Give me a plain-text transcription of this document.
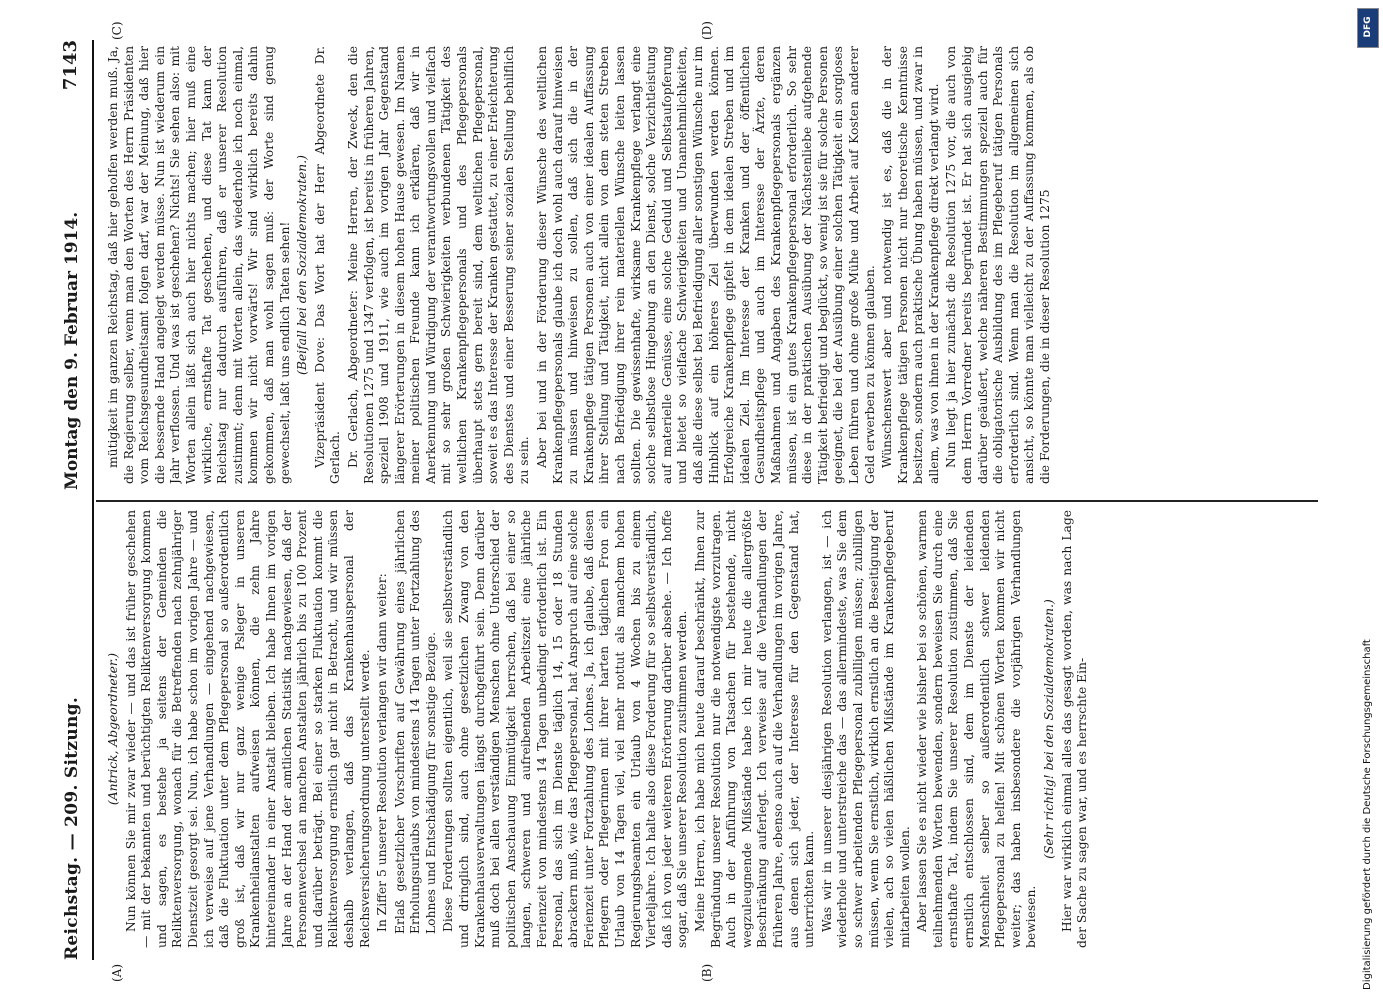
Reichstag. — 209. Sitzung.
Montag den 9. Februar 1914.
7143
(A)	(B)
(C)	(D)

(Antrick, Abgeordneter.) Nun können Sie mir zwar wieder — und das ist früher geschehen — mit der bekannten und berüchtigten Reliktenversorgung kommen und sagen, es bestehe ja seitens der Gemeinden die Reliktenversorgung, wonach für die Betreffenden nach zehnjähriger Dienstzeit gesorgt sei. Nun, ich habe schon im vorigen Jahre — und ich verweise auf jene Verhandlungen — eingehend nachgewiesen, daß die Fluktuation unter dem Pflegepersonal so außerordentlich groß ist, daß wir nur ganz wenige Psleger in unseren Krankenheilanstalten aufweisen können, die zehn Jahre hintereinander in einer Anstalt bleiben. Ich habe Ihnen im vorigen Jahre an der Hand der amtlichen Statistik nachgewiesen, daß der Personenwechsel an manchen Anstalten jährlich bis zu 100 Prozent und darüber beträgt. Bei einer so starken Fluktuation kommt die Reliktenversorgung ernstlich gar nicht in Betracht, und wir müssen deshalb verlangen, daß das Krankenhauspersonal der Reichsversicherungsordnung unterstellt werde. In Ziffer 5 unserer Resolution verlangen wir dann weiter: Erlaß gesetzlicher Vorschriften auf Gewährung eines jährlichen Erholungsurlaubs von mindestens 14 Tagen unter Fortzahlung des Lohnes und Entschädigung für sonstige Bezüge. Diese Forderungen sollten eigentlich, weil sie selbstverständlich und dringlich sind, auch ohne gesetzlichen Zwang von den Krankenhausverwaltungen längst durchgeführt sein. Denn darüber muß doch bei allen verständigen Menschen ohne Unterschied der politischen Anschauung Einmütigkeit herrschen, daß bei einer so langen, schweren und aufreibenden Arbeitszeit eine jährliche Ferienzeit von mindestens 14 Tagen unbedingt erforderlich ist. Ein Personal, das sich im Dienste täglich 14, 15 oder 18 Stunden abrackern muß, wie das Pflegepersonal, hat Anspruch auf eine solche Ferienzeit unter Fortzahlung des Lohnes. Ja, ich glaube, daß diesen Pflegern oder Pflegerinnen mit ihrer harten täglichen Fron ein Urlaub von 14 Tagen viel, viel mehr nottut als manchem hohen Regierungsbeamten ein Urlaub von 4 Wochen bis zu einem Vierteljahre. Ich halte also diese Forderung für so selbstverständlich, daß ich von jeder weiteren Erörterung darüber absehe. — Ich hoffe sogar, daß Sie unserer Resolution zustimmen werden. Meine Herren, ich habe mich heute darauf beschränkt, Ihnen zur Begründung unserer Resolution nur die notwendigste vorzutragen. Auch in der Anführung von Tatsachen für bestehende, nicht wegzuleugnende Mißstände habe ich mir heute die allergrößte Beschränkung auferlegt. Ich verweise auf die Verhandlungen der früheren Jahre, ebenso auch auf die Verhandlungen im vorigen Jahre, aus denen sich jeder, der Interesse für den Gegenstand hat, unterrichten kann. Was wir in unserer diesjährigen Resolution verlangen, ist — ich wiederhole und unterstreiche das — das allermindeste, was Sie dem so schwer arbeitenden Pflegepersonal zubilligen müssen; zubilligen müssen, wenn Sie ernstlich, wirklich ernstlich an die Beseitigung der vielen, ach so vielen häßlichen Mißstände im Krankenpflegeberuf mitarbeiten wollen. Aber lassen Sie es nicht wieder wie bisher bei so schönen, warmen teilnehmenden Worten bewenden, sondern beweisen Sie durch eine ernsthafte Tat, indem Sie unserer Resolution zustimmen, daß Sie ernstlich entschlossen sind, dem im Dienste der leidenden Menschheit selber so außerordentlich schwer leidenden Pflegepersonal zu helfen! Mit schönen Worten kommen wir nicht weiter; das haben insbesondere die vorjährigen Verhandlungen bewiesen.

(Sehr richtig! bei den Sozialdemokraten.) Hier war wirklich einmal alles das gesagt worden, was nach Lage der Sache zu sagen war, und es herrschte Ein-

mütigkeit im ganzen Reichstag, daß hier geholfen werden muß. Ja, die Regierung selber, wenn man den Worten des Herrn Präsidenten vom Reichsgesundheitsamt folgen darf, war der Meinung, daß hier die bessernde Hand angelegt werden müsse. Nun ist wiederum ein Jahr verflossen. Und was ist geschehen? Nichts! Sie sehen also: mit Worten allein läßt sich auch hier nichts machen; hier muß eine wirkliche, ernsthafte Tat geschehen, und diese Tat kann der Reichstag nur dadurch ausführen, daß er unserer Resolution zustimmt; denn mit Worten allein, das wiederhole ich noch einmal, kommen wir nicht vorwärts! Wir sind wirklich bereits dahin gekommen, daß man wohl sagen muß: der Worte sind genug gewechselt, laßt uns endlich Taten sehen! (Beifall bei den Sozialdemokraten.) Vizepräsident Dove: Das Wort hat der Herr Abgeordnete Dr. Gerlach. Dr. Gerlach, Abgeordneter: Meine Herren, der Zweck, den die Resolutionen 1275 und 1347 verfolgen, ist bereits in früheren Jahren, speziell 1908 und 1911, wie auch im vorigen Jahr Gegenstand längerer Erörterungen in diesem hohen Hause gewesen. Im Namen meiner politischen Freunde kann ich erklären, daß wir in Anerkennung und Würdigung der verantwortungsvollen und vielfach mit so sehr großen Schwierigkeiten verbundenen Tätigkeit des weltlichen Krankenpflegepersonals und des Pflegepersonals überhaupt stets gern bereit sind, dem weltlichen Pflegepersonal, soweit es das Interesse der Kranken gestattet, zu einer Erleichterung des Dienstes und einer Besserung seiner sozialen Stellung behilflich zu sein. Aber bei und in der Förderung dieser Wünsche des weltlichen Krankenpflegepersonals glaube ich doch wohl auch darauf hinweisen zu müssen und hinweisen zu sollen, daß sich die in der Krankenpflege tätigen Personen auch von einer idealen Auffassung ihrer Stellung und Tätigkeit, nicht allein von dem steten Streben nach Befriedigung ihrer rein materiellen Wünsche leiten lassen sollten. Die gewissenhafte, wirksame Krankenpflege verlangt eine solche selbstlose Hingebung an den Dienst, solche Verzichtleistung auf materielle Genüsse, eine solche Geduld und Selbstaufopferung und bietet so vielfache Schwierigkeiten und Unannehmlichkeiten, daß alle diese selbst bei Befriedigung aller sonstigen Wünsche nur im Hinblick auf ein höheres Ziel überwunden werden können. Erfolgreiche Krankenpflege gipfelt in dem idealen Streben und im idealen Ziel. Im Interesse der Kranken und der öffentlichen Gesundheitspflege und auch im Interesse der Ärzte, deren Maßnahmen und Angaben des Krankenpflegepersonals ergänzen müssen, ist ein gutes Krankenpflegepersonal erforderlich. So sehr diese in der praktischen Ausübung der Nächstenliebe aufgehende Tätigkeit befriedigt und beglückt, so wenig ist sie für solche Personen geeignet, die bei der Ausübung einer solchen Tätigkeit ein sorgloses Leben führen und ohne große Mühe und Arbeit auf Kosten anderer Geld erwerben zu können glauben. Wünschenswert aber und notwendig ist es, daß die in der Krankenpflege tätigen Personen nicht nur theoretische Kenntnisse besitzen, sondern auch praktische Übung haben müssen, und zwar in allem, was von ihnen in der Krankenpflege direkt verlangt wird. Nun liegt ja hier zunächst die Resolution 1275 vor, die auch von dem Herrn Vorredner bereits begründet ist. Er hat sich ausgiebig darüber geäußert, welche näheren Bestimmungen speziell auch für die obligatorische Ausbildung des im Pflegeberuf tätigen Personals erforderlich sind. Wenn man die Resolution im allgemeinen sich ansicht, so könnte man vielleicht zu der Auffassung kommen, als ob die Forderungen, die in dieser Resolution 1275

DFG
Digitalisierung gefördert durch die Deutsche Forschungsgemeinschaft
